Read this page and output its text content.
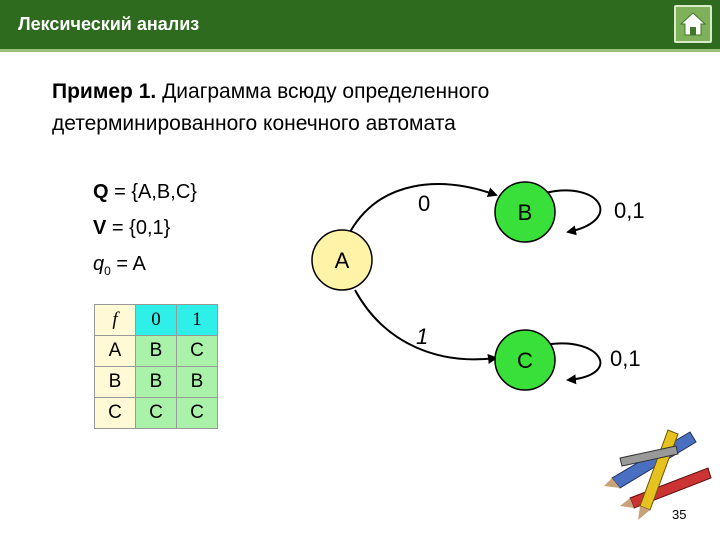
Лексический анализ
Пример 1. Диаграмма всюду определенного
детерминированного конечного автомата
Q = {A,B,C}
V = {0,1}
$q_0 = A$
f	0	1
A	B	C
B	B	B
C	C	C
A
B
C
0
1
0,1
0,1
35
